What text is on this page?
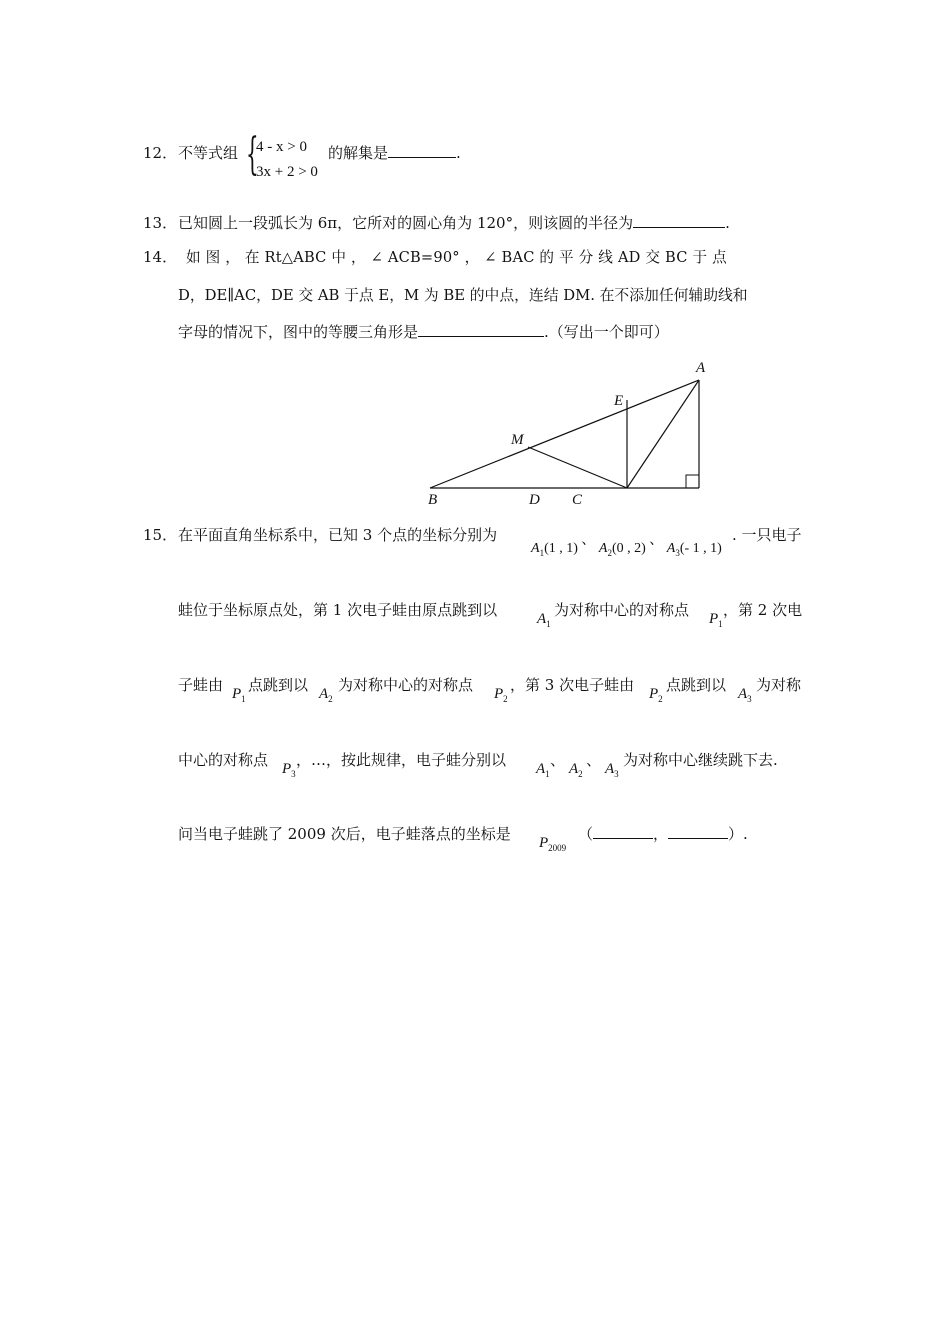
12． 不等式组 {
4 - x > 0
3x + 2 > 0
的解集是	.
13． 已知圆上一段弧长为 6π，它所对的圆心角为 120°，则该圆的半径为	.
14． 如 图 ， 在 Rt△ABC 中 ， ∠ ACB=90° ， ∠ BAC 的 平 分 线 AD 交 BC 于 点
D，DE∥AC，DE 交 AB 于点 E，M 为 BE 的中点，连结 DM. 在不添加任何辅助线和
字母的情况下，图中的等腰三角形是	.（写出一个即可）
A
E
M
B	D C
15． 在平面直角坐标系中，已知 3 个点的坐标分别为
$A_1(1$ , 1) 、 $A_2(0$ , 2) 、 $A_3(-$ 1 , 1)
. 一只电子
蛙位于坐标原点处，第 1 次电子蛙由原点跳到以	$A_1$
为对称中心的对称点 $P_1$
，第 2 次电
子蛙由 $P_1$
点跳到以 $A_2$
为对称中心的对称点 $P_2$
，第 3 次电子蛙由 $P_2$
点跳到以 $A_3$
为对称
中心的对称点 $P_3$
，…，按此规律，电子蛙分别以 $A_1$
、 $A_2$
、 $A_3$
为对称中心继续跳下去.
问当电子蛙跳了 2009 次后，电子蛙落点的坐标是 $P_{2009}$
（	，	）.
